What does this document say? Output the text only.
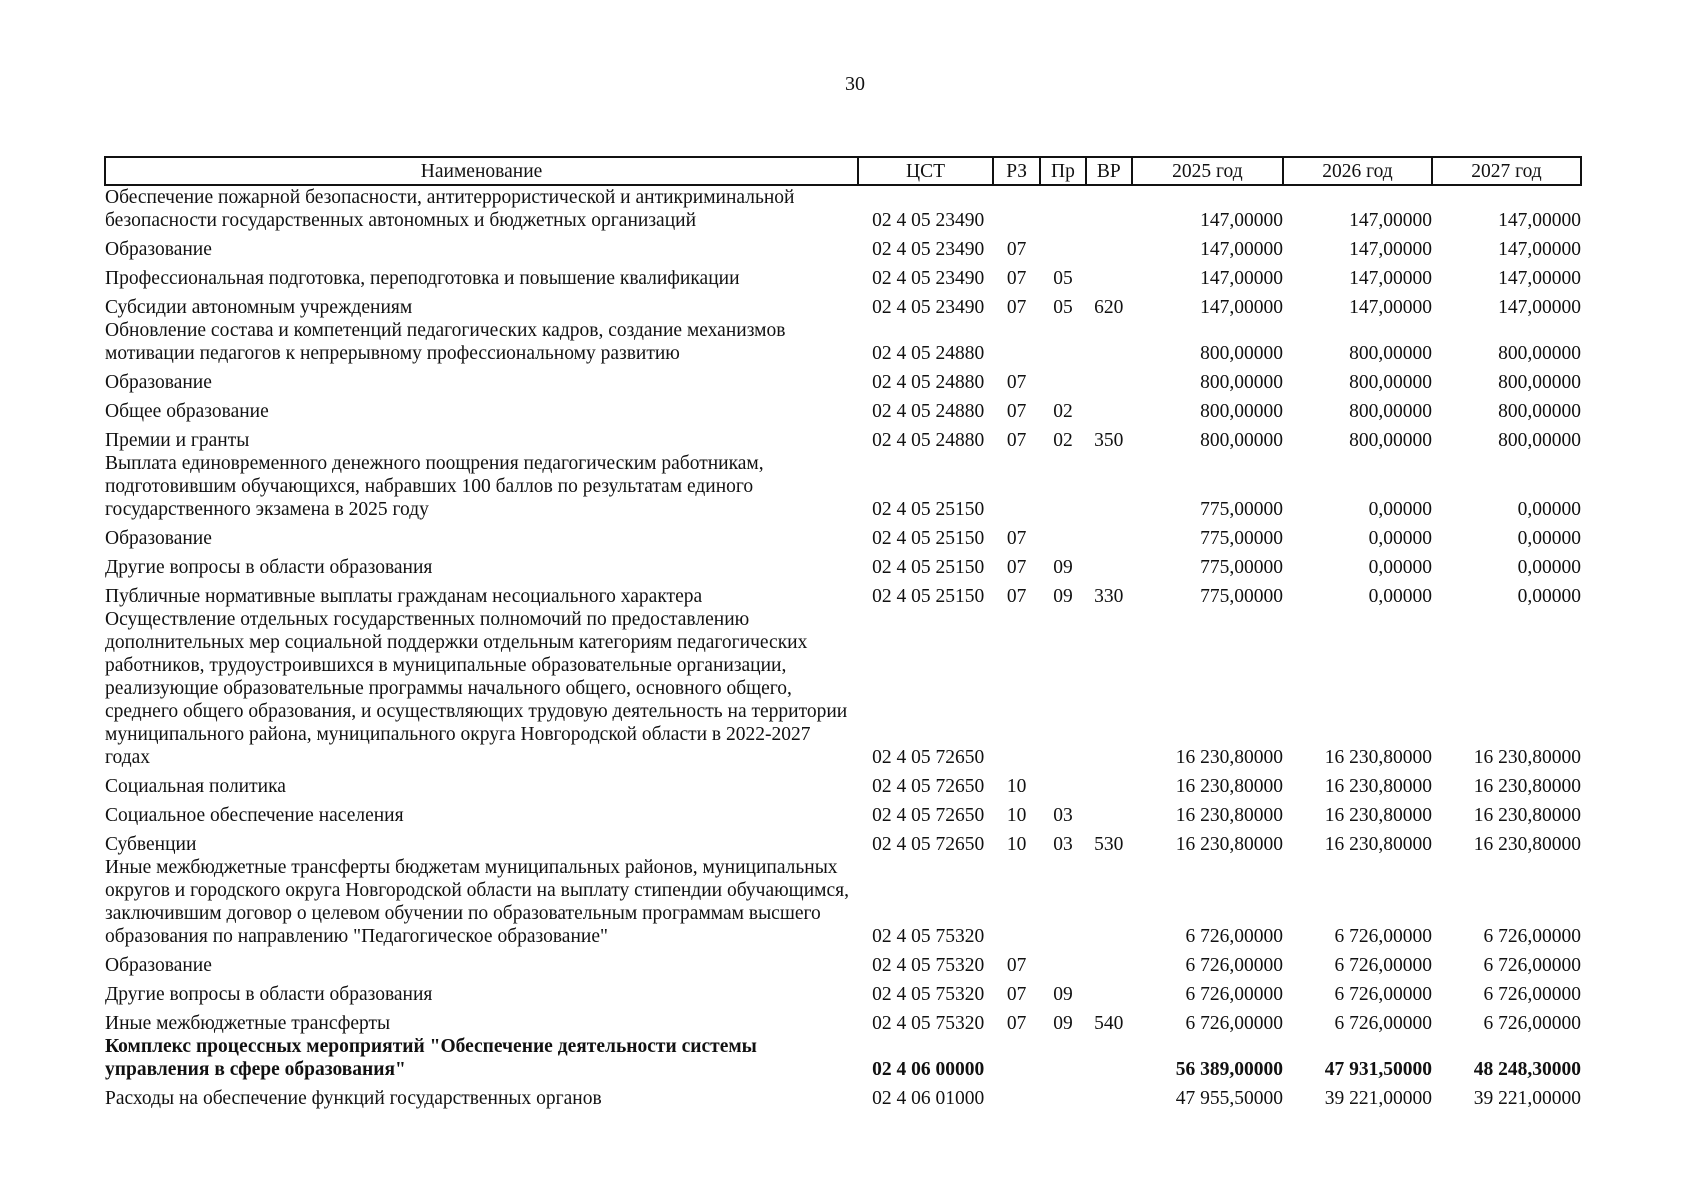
30
Наименование	ЦСТ	РЗ	Пр	ВР	2025 год	2026 год	2027 год
Обеспечение пожарной безопасности, антитеррористической и антикриминальной безопасности государственных автономных и бюджетных организаций	02 4 05 23490				147,00000	147,00000	147,00000
Образование	02 4 05 23490	07			147,00000	147,00000	147,00000
Профессиональная подготовка, переподготовка и повышение квалификации	02 4 05 23490	07	05		147,00000	147,00000	147,00000
Субсидии автономным учреждениям	02 4 05 23490	07	05	620	147,00000	147,00000	147,00000
Обновление состава и компетенций педагогических кадров, создание механизмов мотивации педагогов к непрерывному профессиональному развитию	02 4 05 24880				800,00000	800,00000	800,00000
Образование	02 4 05 24880	07			800,00000	800,00000	800,00000
Общее образование	02 4 05 24880	07	02		800,00000	800,00000	800,00000
Премии и гранты	02 4 05 24880	07	02	350	800,00000	800,00000	800,00000
Выплата единовременного денежного поощрения педагогическим работникам, подготовившим обучающихся, набравших 100 баллов по результатам единого государственного экзамена в 2025 году	02 4 05 25150				775,00000	0,00000	0,00000
Образование	02 4 05 25150	07			775,00000	0,00000	0,00000
Другие вопросы в области образования	02 4 05 25150	07	09		775,00000	0,00000	0,00000
Публичные нормативные выплаты гражданам несоциального характера	02 4 05 25150	07	09	330	775,00000	0,00000	0,00000
Осуществление отдельных государственных полномочий по предоставлению дополнительных мер социальной поддержки отдельным категориям педагогических работников, трудоустроившихся в муниципальные образовательные организации, реализующие образовательные программы начального общего, основного общего, среднего общего образования, и осуществляющих трудовую деятельность на территории муниципального района, муниципального округа Новгородской области в 2022-2027 годах	02 4 05 72650				16 230,80000	16 230,80000	16 230,80000
Социальная политика	02 4 05 72650	10			16 230,80000	16 230,80000	16 230,80000
Социальное обеспечение населения	02 4 05 72650	10	03		16 230,80000	16 230,80000	16 230,80000
Субвенции	02 4 05 72650	10	03	530	16 230,80000	16 230,80000	16 230,80000
Иные межбюджетные трансферты бюджетам муниципальных районов, муниципальных округов и городского округа Новгородской области на выплату стипендии обучающимся, заключившим договор о целевом обучении по образовательным программам высшего образования по направлению "Педагогическое образование"	02 4 05 75320				6 726,00000	6 726,00000	6 726,00000
Образование	02 4 05 75320	07			6 726,00000	6 726,00000	6 726,00000
Другие вопросы в области образования	02 4 05 75320	07	09		6 726,00000	6 726,00000	6 726,00000
Иные межбюджетные трансферты	02 4 05 75320	07	09	540	6 726,00000	6 726,00000	6 726,00000
Комплекс процессных мероприятий "Обеспечение деятельности системы управления в сфере образования"	02 4 06 00000				56 389,00000	47 931,50000	48 248,30000
Расходы на обеспечение функций государственных органов	02 4 06 01000				47 955,50000	39 221,00000	39 221,00000
